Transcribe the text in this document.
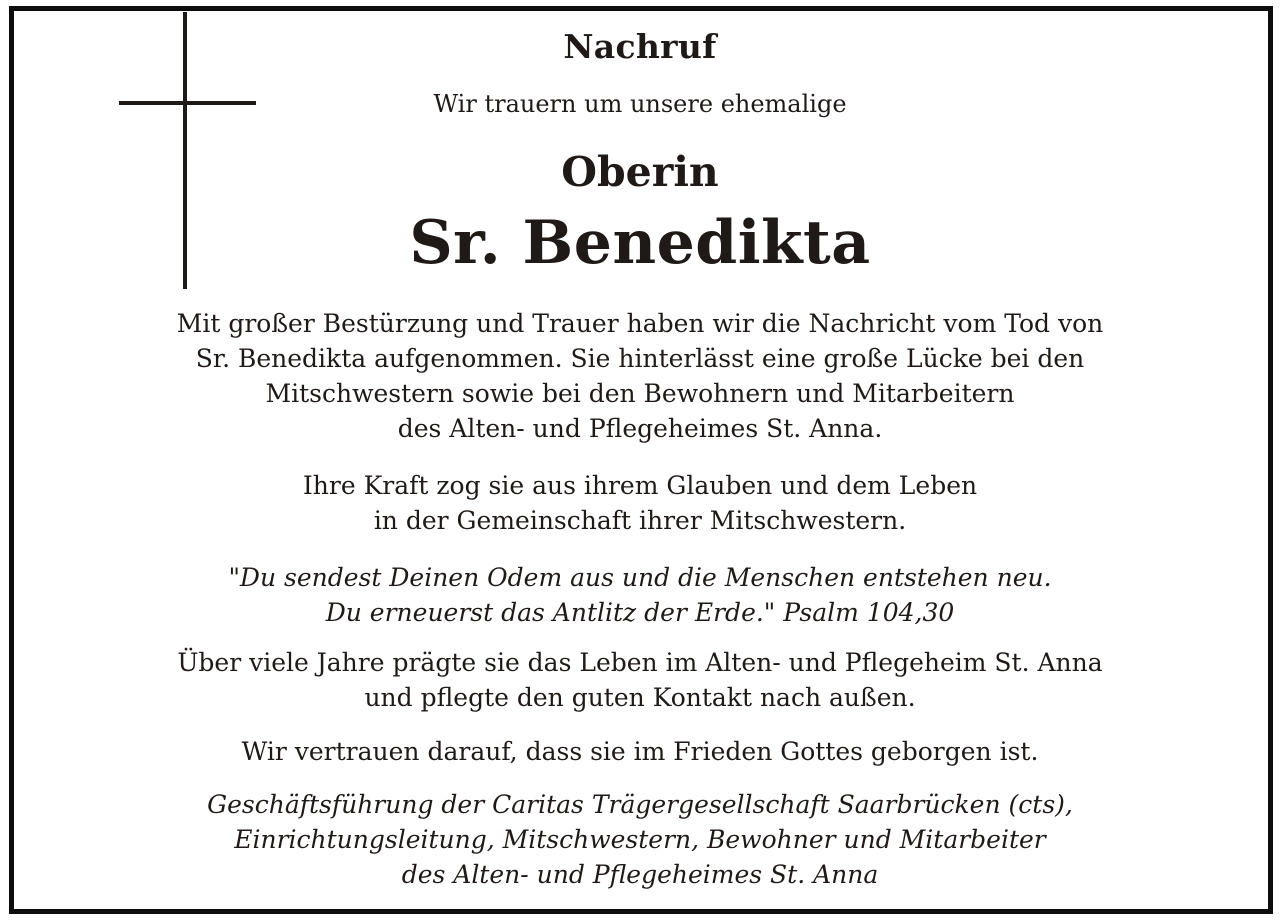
Nachruf
Wir trauern um unsere ehemalige
Oberin
Sr. Benedikta
Mit großer Bestürzung und Trauer haben wir die Nachricht vom Tod von
Sr. Benedikta aufgenommen. Sie hinterlässt eine große Lücke bei den
Mitschwestern sowie bei den Bewohnern und Mitarbeitern
des Alten- und Pflegeheimes St. Anna.
Ihre Kraft zog sie aus ihrem Glauben und dem Leben
in der Gemeinschaft ihrer Mitschwestern.
"Du sendest Deinen Odem aus und die Menschen entstehen neu.
Du erneuerst das Antlitz der Erde." Psalm 104,30
Über viele Jahre prägte sie das Leben im Alten- und Pflegeheim St. Anna
und pflegte den guten Kontakt nach außen.
Wir vertrauen darauf, dass sie im Frieden Gottes geborgen ist.
Geschäftsführung der Caritas Trägergesellschaft Saarbrücken (cts),
Einrichtungsleitung, Mitschwestern, Bewohner und Mitarbeiter
des Alten- und Pflegeheimes St. Anna
